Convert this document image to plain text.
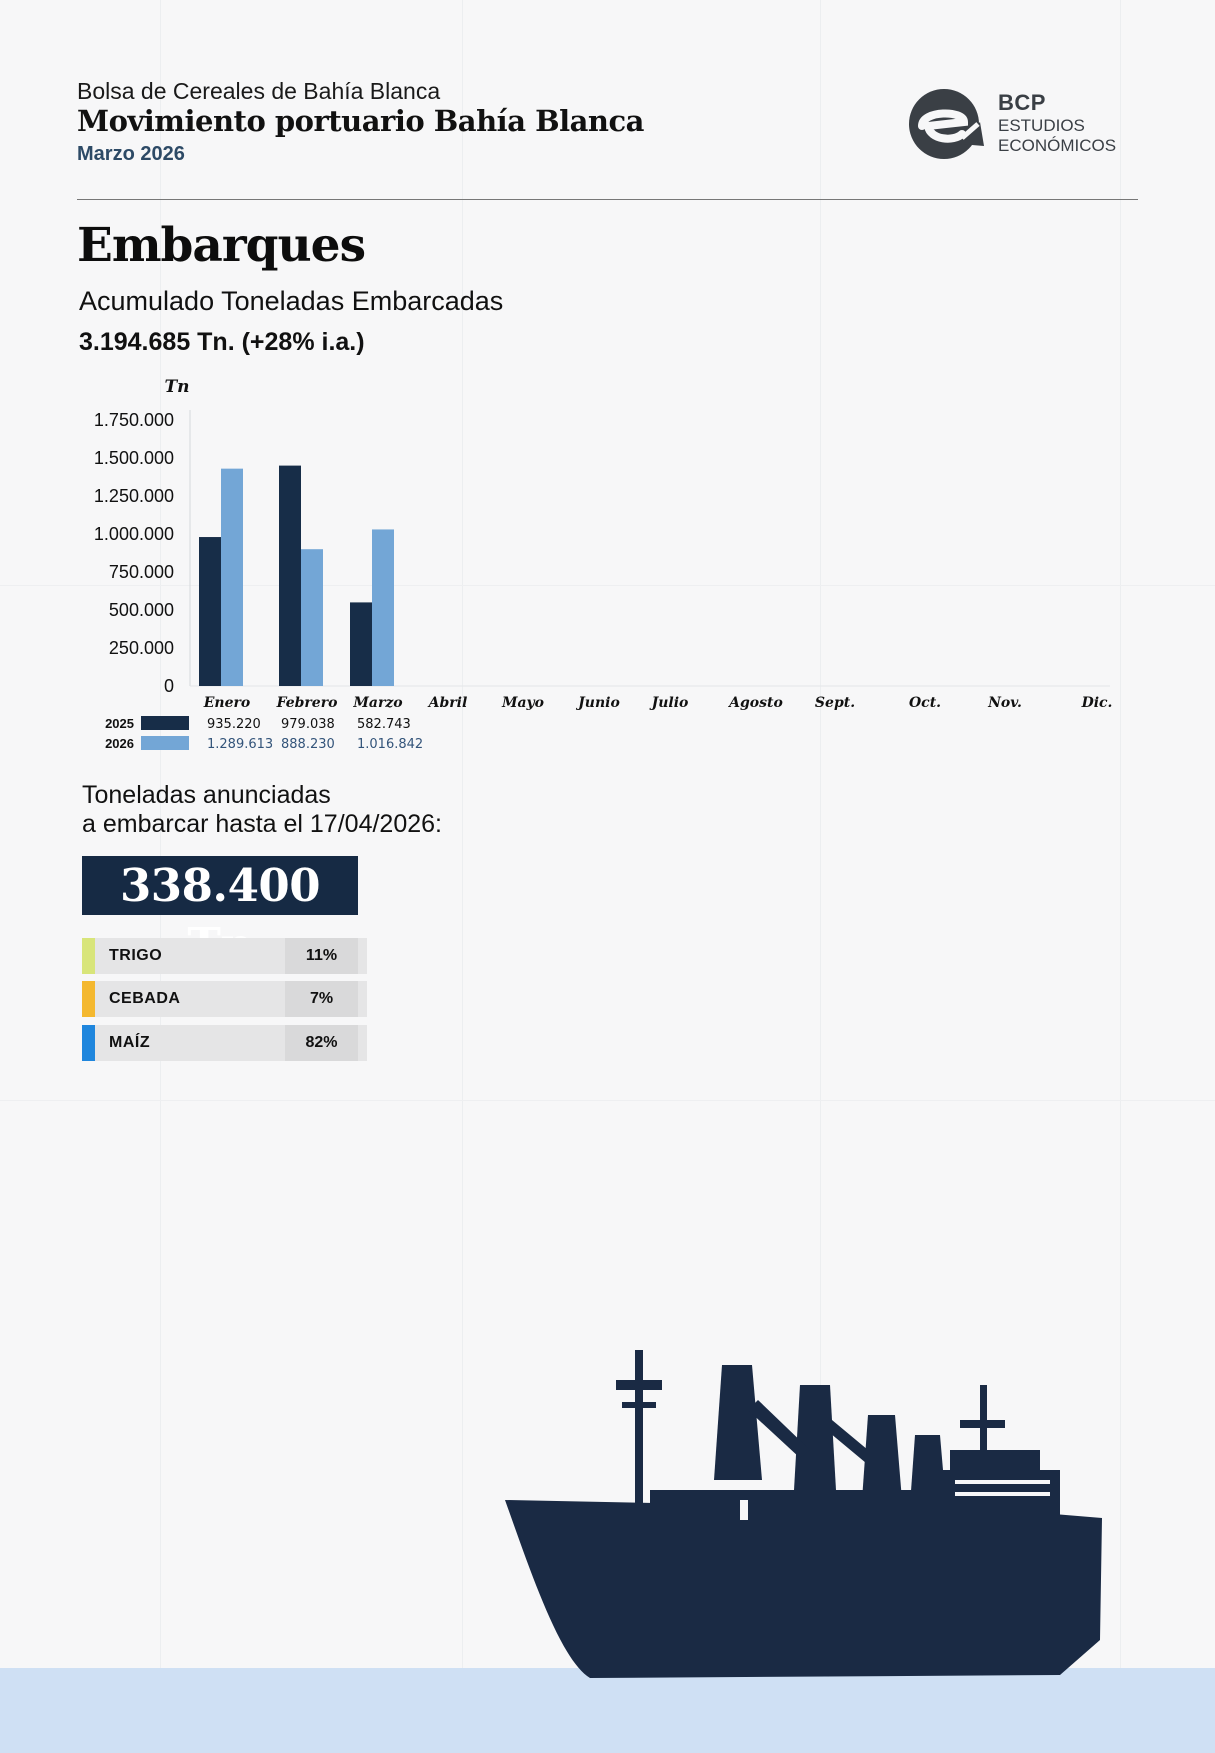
Bolsa de Cereales de Bahía Blanca
Movimiento portuario Bahía Blanca
Marzo 2026
BCP
ESTUDIOS
ECONÓMICOS
Embarques
Acumulado Toneladas Embarcadas
3.194.685 Tn. (+28% i.a.)
Tn
0
250.000
500.000
750.000
1.000.000
1.250.000
1.500.000
1.750.000
Enero Febrero Marzo Abril Mayo Junio Julio	Agosto Sept.	Oct.	Nov.	Dic.
2025	935.220 979.038 582.743
2026	1.289.613 888.230 1.016.842
Toneladas anunciadas
a embarcar hasta el 17/04/2026:
338.400
TRIGO	11%
CEBADA	7%
MAÍZ	82%
